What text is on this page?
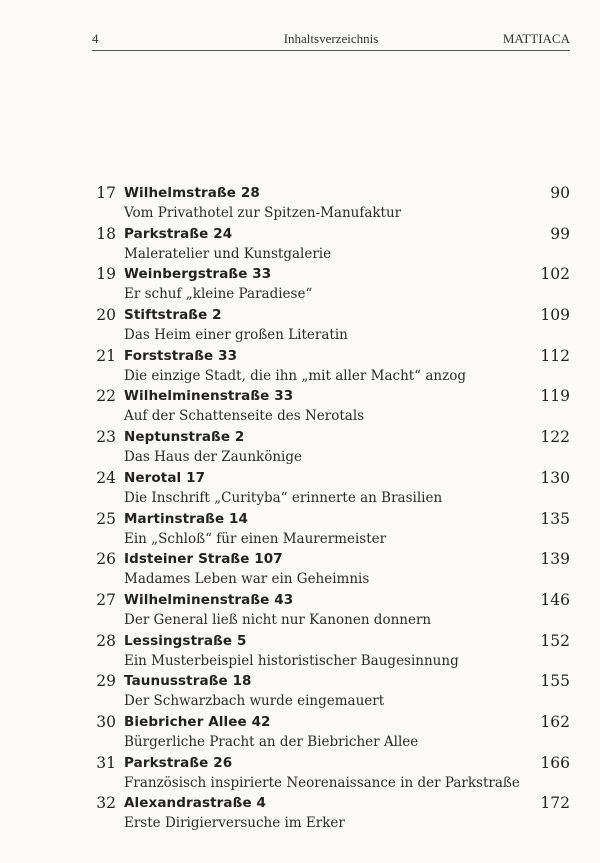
4	Inhaltsverzeichnis	MATTIACA
17 Wilhelmstraße 28	90
Vom Privathotel zur Spitzen-Manufaktur
18 Parkstraße 24	99
Maleratelier und Kunstgalerie
19 Weinbergstraße 33	102
Er schuf „kleine Paradiese“
20 Stiftstraße 2	109
Das Heim einer großen Literatin
21 Forststraße 33	112
Die einzige Stadt, die ihn „mit aller Macht“ anzog
22 Wilhelminenstraße 33	119
Auf der Schattenseite des Nerotals
23 Neptunstraße 2	122
Das Haus der Zaunkönige
24 Nerotal 17	130
Die Inschrift „Curityba“ erinnerte an Brasilien
25 Martinstraße 14	135
Ein „Schloß“ für einen Maurermeister
26 Idsteiner Straße 107	139
Madames Leben war ein Geheimnis
27 Wilhelminenstraße 43	146
Der General ließ nicht nur Kanonen donnern
28 Lessingstraße 5	152
Ein Musterbeispiel historistischer Baugesinnung
29 Taunusstraße 18	155
Der Schwarzbach wurde eingemauert
30 Biebricher Allee 42	162
Bürgerliche Pracht an der Biebricher Allee
31 Parkstraße 26	166
Französisch inspirierte Neorenaissance in der Parkstraße
32 Alexandrastraße 4	172
Erste Dirigierversuche im Erker
